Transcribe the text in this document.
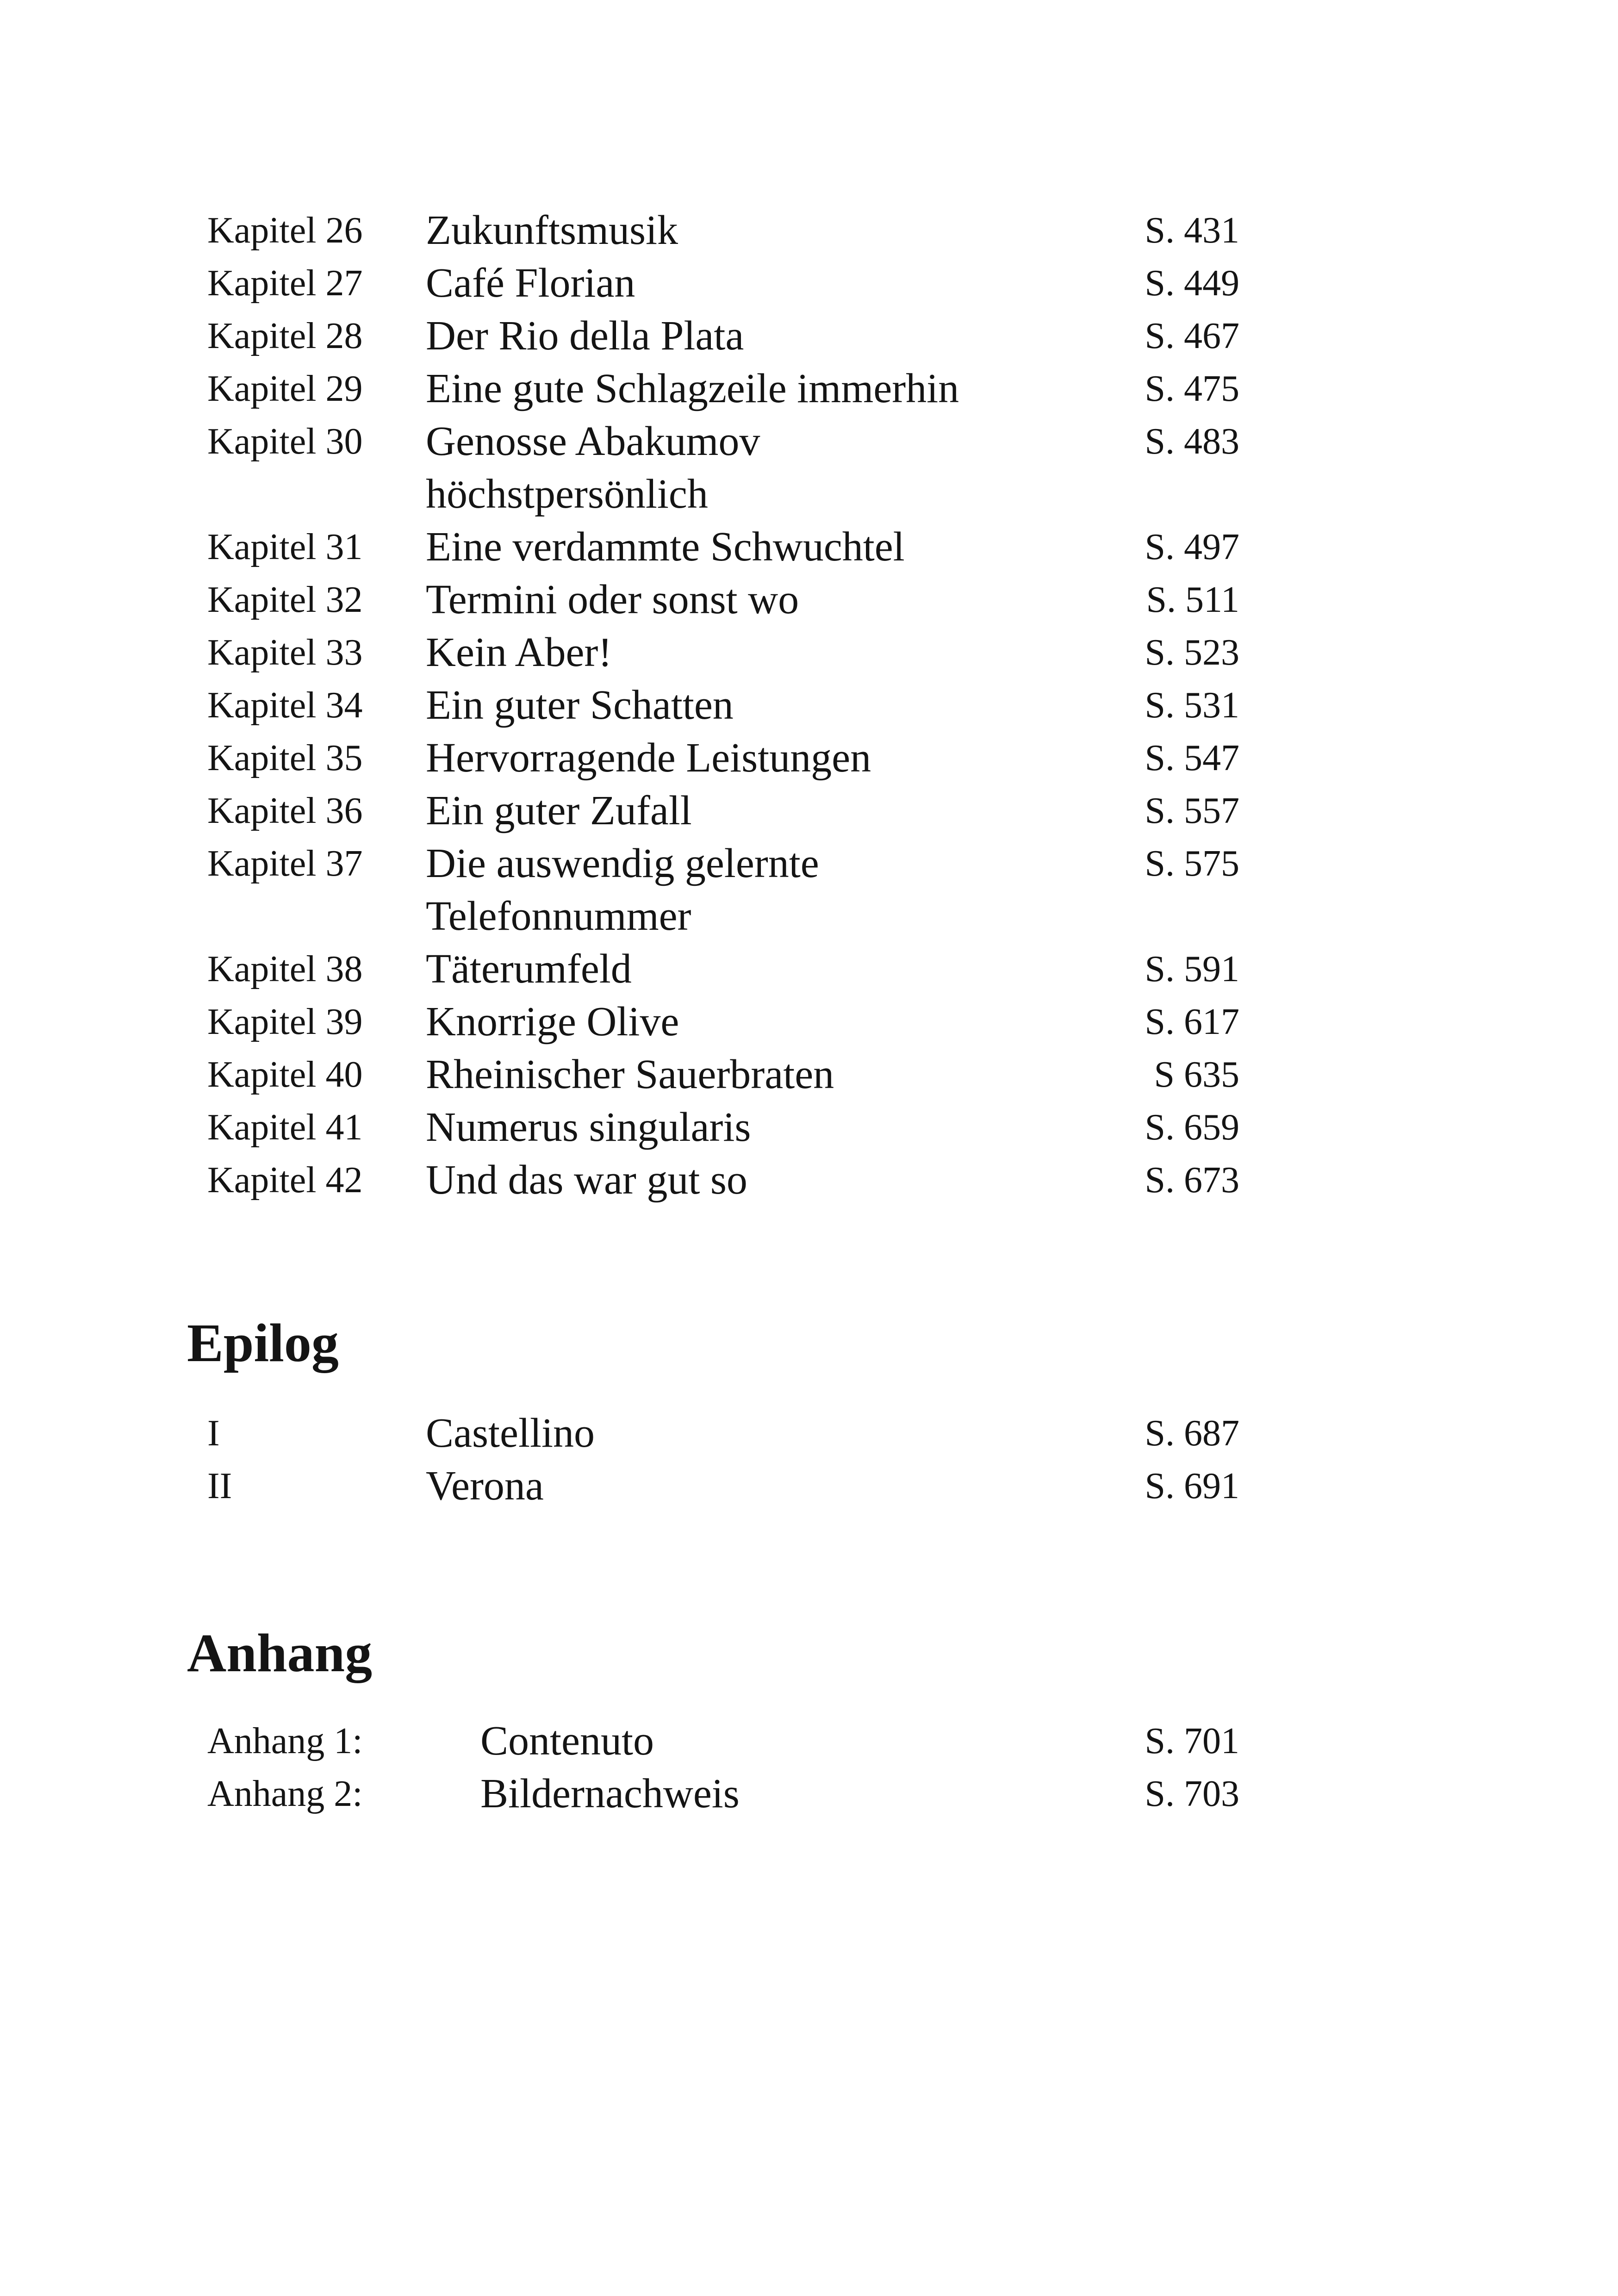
Kapitel 26 Zukunftsmusik	S. 431
Kapitel 27 Café Florian	S. 449
Kapitel 28 Der Rio della Plata	S. 467
Kapitel 29 Eine gute Schlagzeile immerhin	S. 475
Kapitel 30 Genosse Abakumov	S. 483
höchstpersönlich
Kapitel 31 Eine verdammte Schwuchtel	S. 497
Kapitel 32 Termini oder sonst wo	S. 511
Kapitel 33 Kein Aber!	S. 523
Kapitel 34 Ein guter Schatten	S. 531
Kapitel 35 Hervorragende Leistungen	S. 547
Kapitel 36 Ein guter Zufall	S. 557
Kapitel 37 Die auswendig gelernte	S. 575
Telefonnummer
Kapitel 38 Täterumfeld	S. 591
Kapitel 39 Knorrige Olive	S. 617
Kapitel 40 Rheinischer Sauerbraten	S 635
Kapitel 41 Numerus singularis	S. 659
Kapitel 42 Und das war gut so	S. 673
Epilog
I	Castellino	S. 687
II	Verona	S. 691
Anhang
Anhang 1:	Contenuto	S. 701
Anhang 2:	Bildernachweis	S. 703
